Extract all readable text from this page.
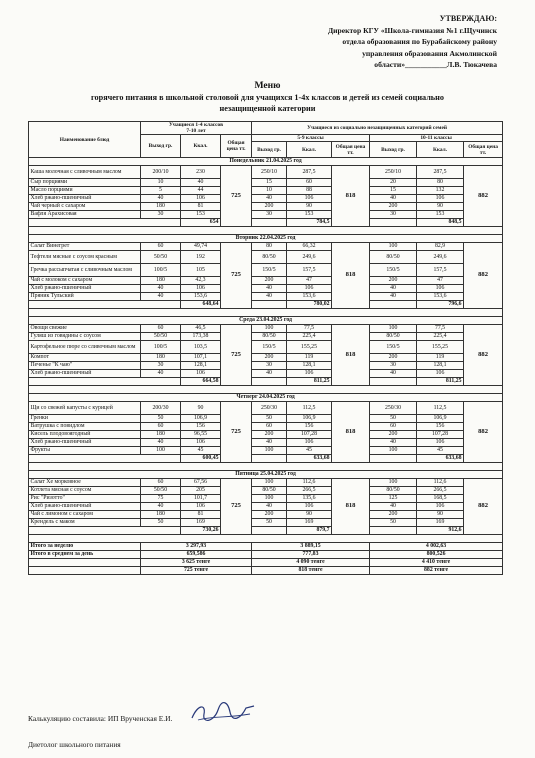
УТВЕРЖДАЮ:
Директор КГУ «Школа-гимназия №1 г.Щучинск
отдела образования по Бурабайскому району
управления образования Акмолинской
области»___________Л.В. Тюкачева
Меню
горячего питания в школьной столовой для учащихся 1-4х классов и детей из семей социально
незащищенной категории
Наименование блюд	Учащиеся 1-4 классов
7-10 лет			Учащиеся из социально незащищенных категорий семей					
	Выход гр.	Ккал.	Общая цена тт.	5-9 классы			10-11 классы		
				Выход гр.	Ккал.	Общая цена тт.	Выход гр.	Ккал.	Общая цена тт.
Понедельник 21.04.2025 год									
Каша молочная с сливочным маслом	200/10	230	725	250/10	287,5	818	250/10	287,5	882
Сыр порциями	10	40		15	60		20	80	
Масло порциями	5	44		10	88		15	132	
Хлеб ржано-пшеничный	40	106		40	106		40	106	
Чай черный с сахаром	180	81		200	90		200	90	
Вафля Арахисовая	30	153		30	153		30	153	
		654			784,5			848,5	

Вторник 22.04.2025 год									
Салат Винегрет	60	49,74	725	80	66,32	818	100	82,9	882
Тефтели мясные с соусом красным	50/50	192		80/50	249,6		80/50	249,6	
Гречка рассыпчатая с сливочным маслом	100/5	105		150/5	157,5		150/5	157,5	
Чай с молоком с сахаром	180	42,3		200	47		200	47	
Хлеб ржано-пшеничный	40	106		40	106		40	106	
Пряник Тульский	40	153,6		40	153,6		40	153,6	
		648,64			780,02			796,6	

Среда 23.04.2025 год									
Овощи свежие	60	46,5	725	100	77,5	818	100	77,5	882
Гуляш из говядины с соусом	50/50	173,38		80/50	225,4		80/50	225,4	
Картофельное пюре со сливочным маслом	100/5	103,5		150/5	155,25		150/5	155,25	
Компот	180	107,1		200	119		200	119	
Печенье "К чаю"	30	128,1		30	128,1		30	128,1	
Хлеб ржано-пшеничный	40	106		40	106		40	106	
		664,58			811,25			811,25	

Четверг 24.04.2025 год									
Щи со свежей капусты с курицей	200/30	90	725	250/30	112,5	818	250/30	112,5	882
Гренки	50	106,9		50	106,9		50	106,9	
Ватрушка с повидлом	60	156		60	156		60	156	
Кисель плодовоягодный	180	96,55		200	107,28		200	107,28	
Хлеб ржано-пшеничный	40	106		40	106		40	106	
Фрукты	100	45		100	45		100	45	
		600,45			633,68			633,68	

Пятница 25.04.2025 год									
Салат Хе морковное	60	67,56	725	100	112,6	818	100	112,6	882
Котлета мясная с соусом	50/50	205		80/50	266,5		80/50	266,5	
Рис "Ризотто"	75	101,7		100	135,6		125	168,5	
Хлеб ржано-пшеничный	40	106		40	106		40	106	
Чай с лимоном с сахаром	180	81		200	90		200	90	
Крендель с маком	50	169		50	169		50	169	
		730,26			879,7			912,6	

Итого за неделю	3 297,93			3 889,15			4 002,63		
Итого в среднем за день	659,586			777,83			800,526		
	3 625 тенге			4 090 тенге			4 410 тенге		
	725 тенге			818 тенге			882 тенге		
Калькуляцию составила: ИП Врученская Е.И.
Диетолог школьного питания
